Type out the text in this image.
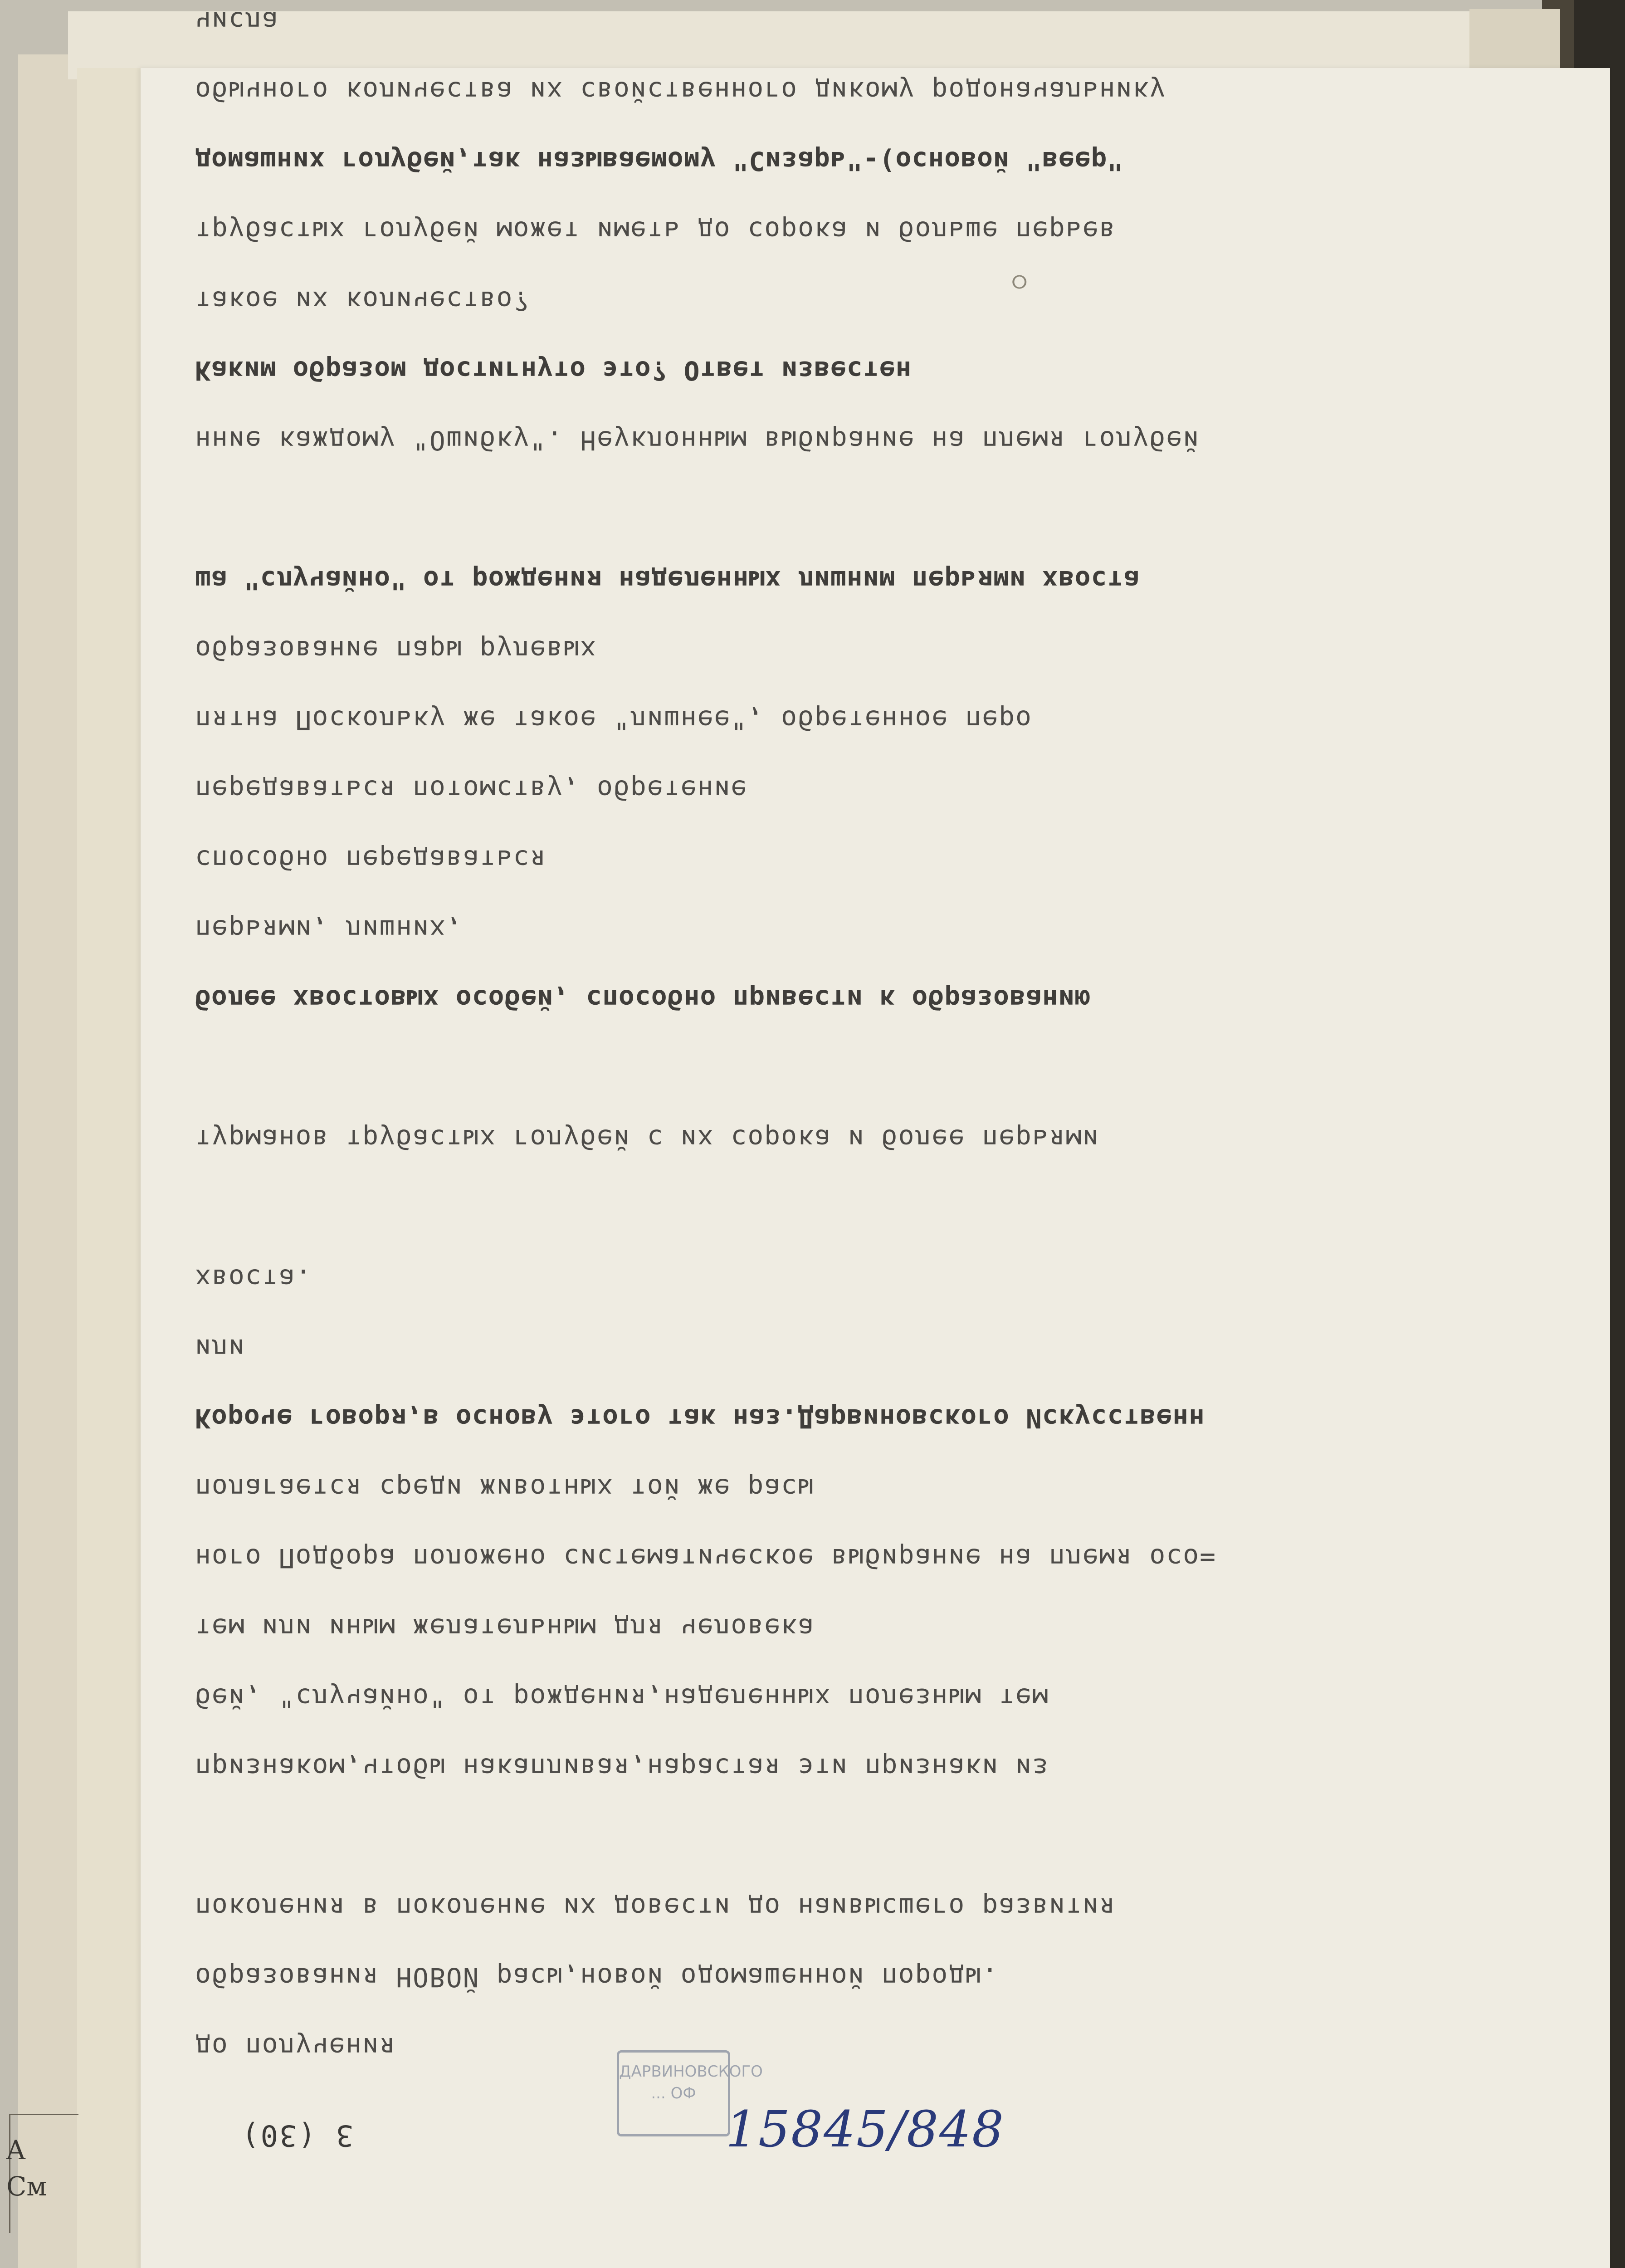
A
См
ⵔ
до получения
образования НОВОЙ расы,новой одомашенной породы.
поколения в поколение их довести до наивысшего развития
признаком,чтобы накапливая,нарастая эти признаки из
бей, "случайно" от рождения,наделенных полезным тем
тем или иным желательным для человека
ного Подбора положено систематическое выбирание на племя осо=
полагается среди животных той же расы
Короче говоря,в основу этого так наз.Дарвиновского Искусственн
или
хвоста.
турманов трубастых голубей с их сорока и более перьями
более хвостовых особей, способно привести к образованию
перьями, лишних,
способно передаваться
передаваться потомству, обретение
пятна Поскольку же такое "лишнее", обретенное перо
образование пары рулевых
ша "случайно" от рождения наделенных лишним перьями хвоста
нние каждому "Ошибку". Неуклонным выбирание на племя голубей
Каким образом достигнуто это? Ответ известен
такое их количество?
трубастых голубей может иметь до сорока и больше перьев
домашних голубей,так называемому "Сизарь"-(основой "веер"
обычного количества их свойственного дикому родоначальнику
числа
ДАРВИНОВСКОГО ... ОФ
3 (30)	15845/848
